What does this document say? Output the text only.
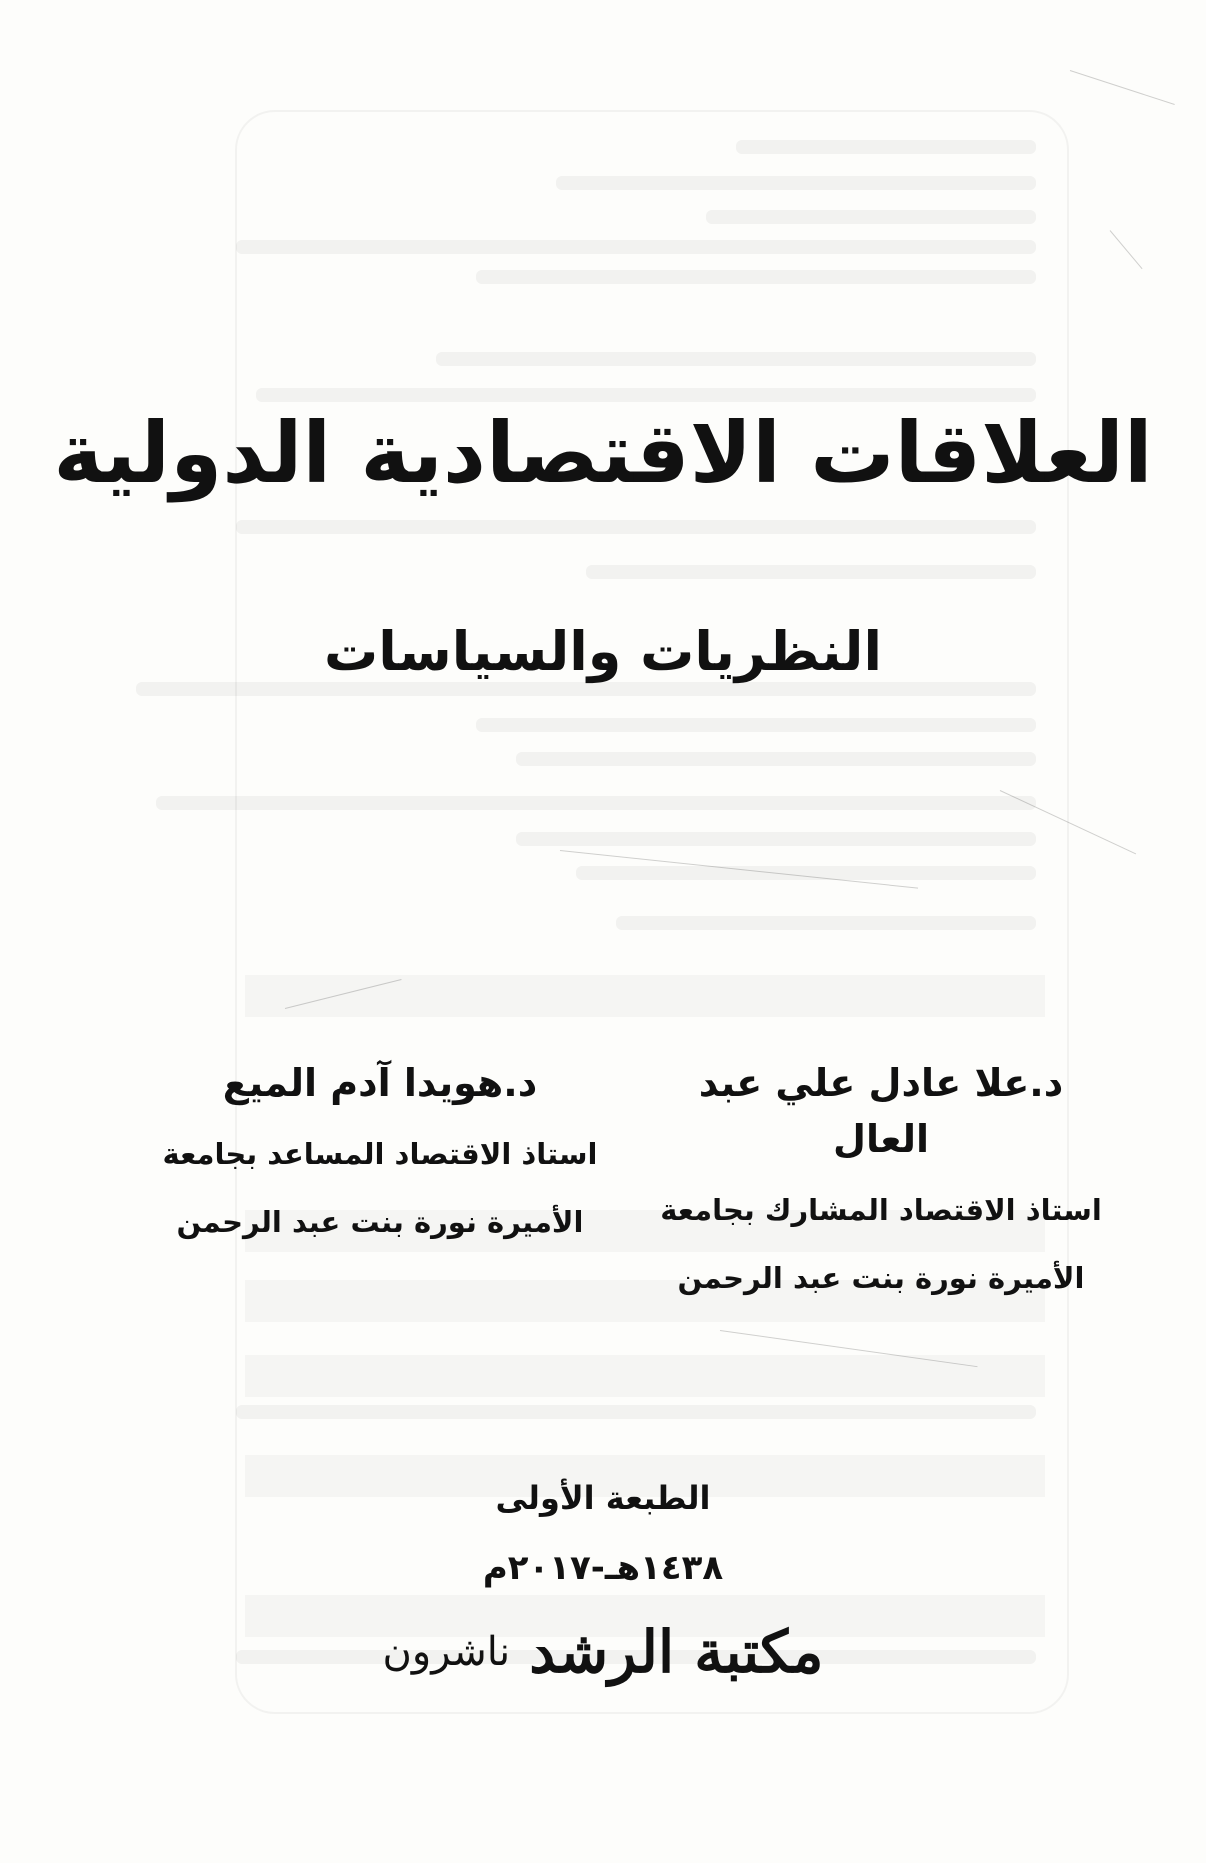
العلاقات الاقتصادية الدولية
النظريات والسياسات
د.علا عادل علي عبد العال
استاذ الاقتصاد المشارك بجامعة
الأميرة نورة بنت عبد الرحمن
د.هويدا آدم الميع
استاذ الاقتصاد المساعد بجامعة
الأميرة نورة بنت عبد الرحمن
الطبعة الأولى
١٤٣٨هـ-٢٠١٧م
مكتبة الرشد ناشرون
